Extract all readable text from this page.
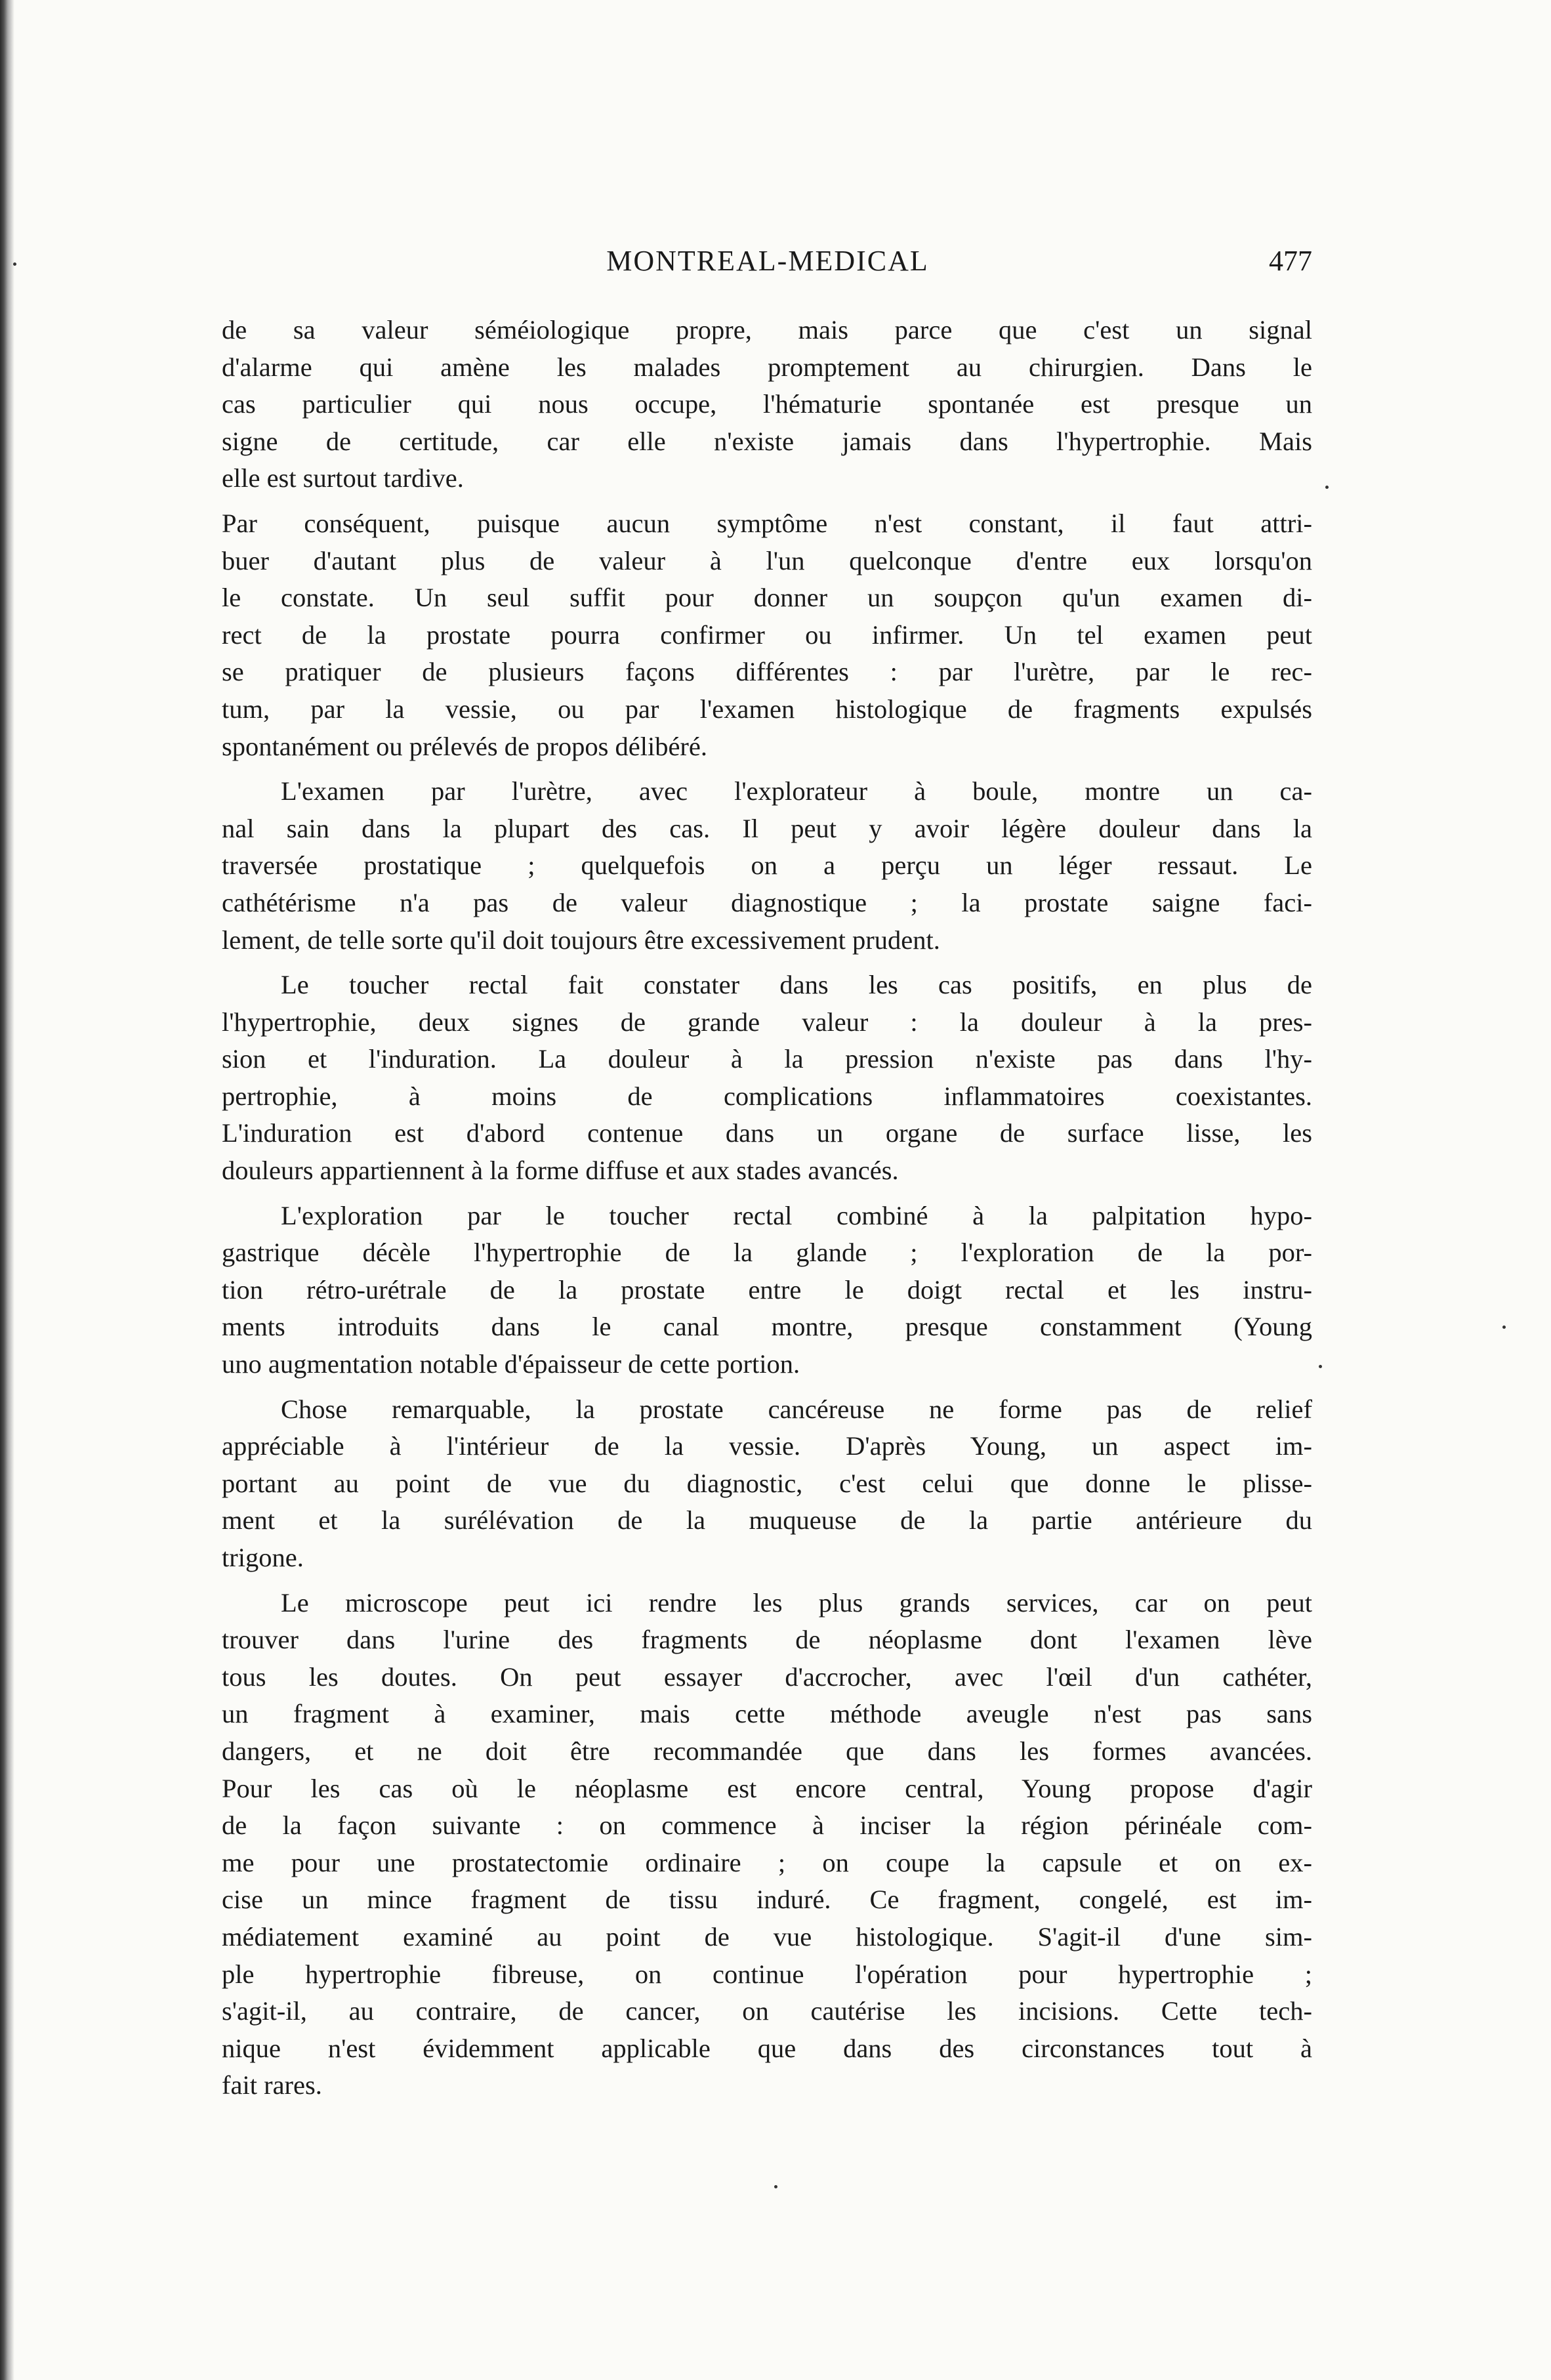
MONTREAL-MEDICAL	477
de sa valeur séméiologique propre, mais parce que c'est un signal
d'alarme qui amène les malades promptement au chirurgien. Dans le
cas particulier qui nous occupe, l'hématurie spontanée est presque un
signe de certitude, car elle n'existe jamais dans l'hypertrophie. Mais
elle est surtout tardive.
Par conséquent, puisque aucun symptôme n'est constant, il faut attri-
buer d'autant plus de valeur à l'un quelconque d'entre eux lorsqu'on
le constate. Un seul suffit pour donner un soupçon qu'un examen di-
rect de la prostate pourra confirmer ou infirmer. Un tel examen peut
se pratiquer de plusieurs façons différentes : par l'urètre, par le rec-
tum, par la vessie, ou par l'examen histologique de fragments expulsés
spontanément ou prélevés de propos délibéré.
L'examen par l'urètre, avec l'explorateur à boule, montre un ca-
nal sain dans la plupart des cas. Il peut y avoir légère douleur dans la
traversée prostatique ; quelquefois on a perçu un léger ressaut. Le
cathétérisme n'a pas de valeur diagnostique ; la prostate saigne faci-
lement, de telle sorte qu'il doit toujours être excessivement prudent.
Le toucher rectal fait constater dans les cas positifs, en plus de
l'hypertrophie, deux signes de grande valeur : la douleur à la pres-
sion et l'induration. La douleur à la pression n'existe pas dans l'hy-
pertrophie, à moins de complications inflammatoires coexistantes.
L'induration est d'abord contenue dans un organe de surface lisse, les
douleurs appartiennent à la forme diffuse et aux stades avancés.
L'exploration par le toucher rectal combiné à la palpitation hypo-
gastrique décèle l'hypertrophie de la glande ; l'exploration de la por-
tion rétro-urétrale de la prostate entre le doigt rectal et les instru-
ments introduits dans le canal montre, presque constamment (Young
uno augmentation notable d'épaisseur de cette portion.
Chose remarquable, la prostate cancéreuse ne forme pas de relief
appréciable à l'intérieur de la vessie. D'après Young, un aspect im-
portant au point de vue du diagnostic, c'est celui que donne le plisse-
ment et la surélévation de la muqueuse de la partie antérieure du
trigone.
Le microscope peut ici rendre les plus grands services, car on peut
trouver dans l'urine des fragments de néoplasme dont l'examen lève
tous les doutes. On peut essayer d'accrocher, avec l'œil d'un cathéter,
un fragment à examiner, mais cette méthode aveugle n'est pas sans
dangers, et ne doit être recommandée que dans les formes avancées.
Pour les cas où le néoplasme est encore central, Young propose d'agir
de la façon suivante : on commence à inciser la région périnéale com-
me pour une prostatectomie ordinaire ; on coupe la capsule et on ex-
cise un mince fragment de tissu induré. Ce fragment, congelé, est im-
médiatement examiné au point de vue histologique. S'agit-il d'une sim-
ple hypertrophie fibreuse, on continue l'opération pour hypertrophie ;
s'agit-il, au contraire, de cancer, on cautérise les incisions. Cette tech-
nique n'est évidemment applicable que dans des circonstances tout à
fait rares.
